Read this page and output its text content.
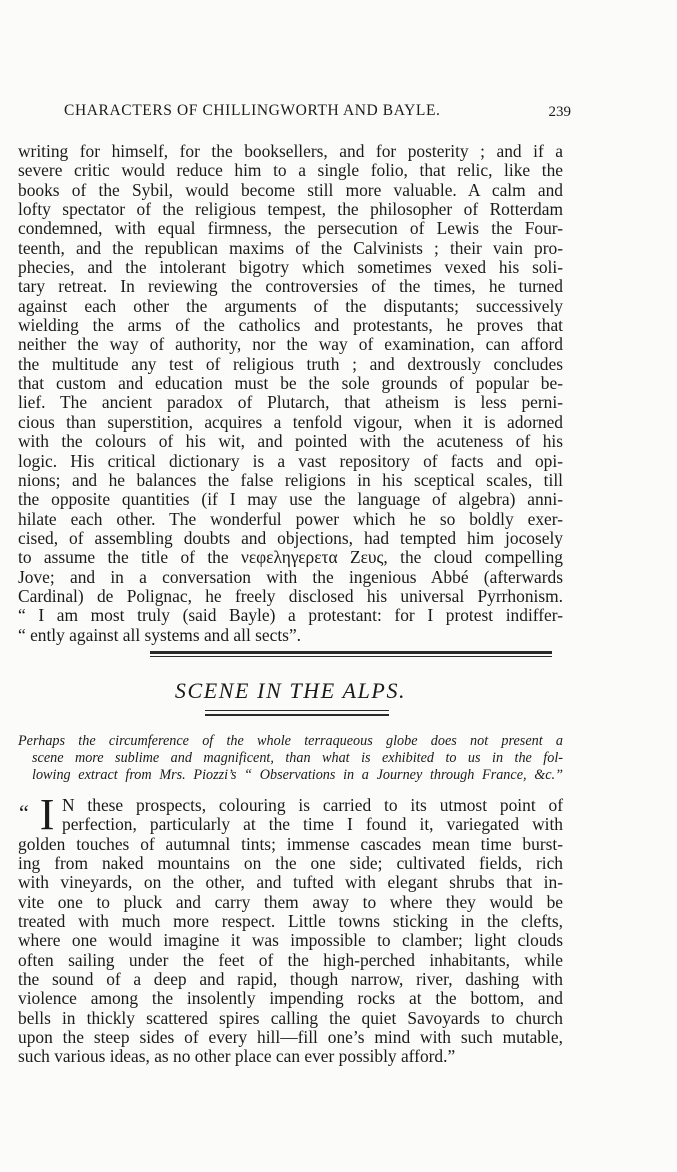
CHARACTERS OF CHILLINGWORTH AND BAYLE.	239
writing for himself, for the booksellers, and for posterity ; and if a
severe critic would reduce him to a single folio, that relic, like the
books of the Sybil, would become still more valuable. A calm and
lofty spectator of the religious tempest, the philosopher of Rotterdam
condemned, with equal firmness, the persecution of Lewis the Four-
teenth, and the republican maxims of the Calvinists ; their vain pro-
phecies, and the intolerant bigotry which sometimes vexed his soli-
tary retreat. In reviewing the controversies of the times, he turned
against each other the arguments of the disputants; successively
wielding the arms of the catholics and protestants, he proves that
neither the way of authority, nor the way of examination, can afford
the multitude any test of religious truth ; and dextrously concludes
that custom and education must be the sole grounds of popular be-
lief. The ancient paradox of Plutarch, that atheism is less perni-
cious than superstition, acquires a tenfold vigour, when it is adorned
with the colours of his wit, and pointed with the acuteness of his
logic. His critical dictionary is a vast repository of facts and opi-
nions; and he balances the false religions in his sceptical scales, till
the opposite quantities (if I may use the language of algebra) anni-
hilate each other. The wonderful power which he so boldly exer-
cised, of assembling doubts and objections, had tempted him jocosely
to assume the title of the νεφεληγερετα Ζευς, the cloud compelling
Jove; and in a conversation with the ingenious Abbé (afterwards
Cardinal) de Polignac, he freely disclosed his universal Pyrrhonism.
“ I am most truly (said Bayle) a protestant: for I protest indiffer-
“ ently against all systems and all sects”.
SCENE IN THE ALPS.
Perhaps the circumference of the whole terraqueous globe does not present a
scene more sublime and magnificent, than what is exhibited to us in the fol-
lowing extract from Mrs. Piozzi’s “ Observations in a Journey through France, &c.”
“ I N these prospects, colouring is carried to its utmost point of
perfection, particularly at the time I found it, variegated with
golden touches of autumnal tints; immense cascades mean time burst-
ing from naked mountains on the one side; cultivated fields, rich
with vineyards, on the other, and tufted with elegant shrubs that in-
vite one to pluck and carry them away to where they would be
treated with much more respect. Little towns sticking in the clefts,
where one would imagine it was impossible to clamber; light clouds
often sailing under the feet of the high-perched inhabitants, while
the sound of a deep and rapid, though narrow, river, dashing with
violence among the insolently impending rocks at the bottom, and
bells in thickly scattered spires calling the quiet Savoyards to church
upon the steep sides of every hill—fill one’s mind with such mutable,
such various ideas, as no other place can ever possibly afford.”
